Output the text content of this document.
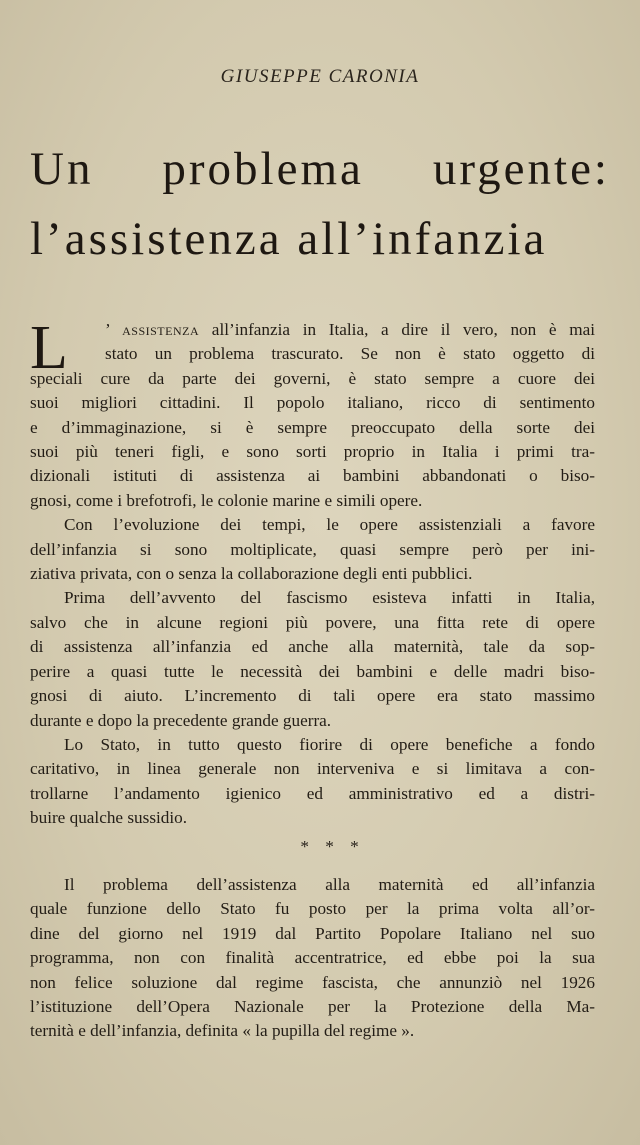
GIUSEPPE CARONIA
Un problema urgente:
l’assistenza all’infanzia
L	’ assistenza all’infanzia in Italia, a dire il vero, non è mai
stato un problema trascurato. Se non è stato oggetto di
speciali cure da parte dei governi, è stato sempre a cuore dei
suoi migliori cittadini. Il popolo italiano, ricco di sentimento
e d’immaginazione, si è sempre preoccupato della sorte dei
suoi più teneri figli, e sono sorti proprio in Italia i primi tra-
dizionali istituti di assistenza ai bambini abbandonati o biso-
gnosi, come i brefotrofi, le colonie marine e simili opere.
Con l’evoluzione dei tempi, le opere assistenziali a favore
dell’infanzia si sono moltiplicate, quasi sempre però per ini-
ziativa privata, con o senza la collaborazione degli enti pubblici.
Prima dell’avvento del fascismo esisteva infatti in Italia,
salvo che in alcune regioni più povere, una fitta rete di opere
di assistenza all’infanzia ed anche alla maternità, tale da sop-
perire a quasi tutte le necessità dei bambini e delle madri biso-
gnosi di aiuto. L’incremento di tali opere era stato massimo
durante e dopo la precedente grande guerra.
Lo Stato, in tutto questo fiorire di opere benefiche a fondo
caritativo, in linea generale non interveniva e si limitava a con-
trollarne l’andamento igienico ed amministrativo ed a distri-
buire qualche sussidio.
* * *
Il problema dell’assistenza alla maternità ed all’infanzia
quale funzione dello Stato fu posto per la prima volta all’or-
dine del giorno nel 1919 dal Partito Popolare Italiano nel suo
programma, non con finalità accentratrice, ed ebbe poi la sua
non felice soluzione dal regime fascista, che annunziò nel 1926
l’istituzione dell’Opera Nazionale per la Protezione della Ma-
ternità e dell’infanzia, definita « la pupilla del regime ».
